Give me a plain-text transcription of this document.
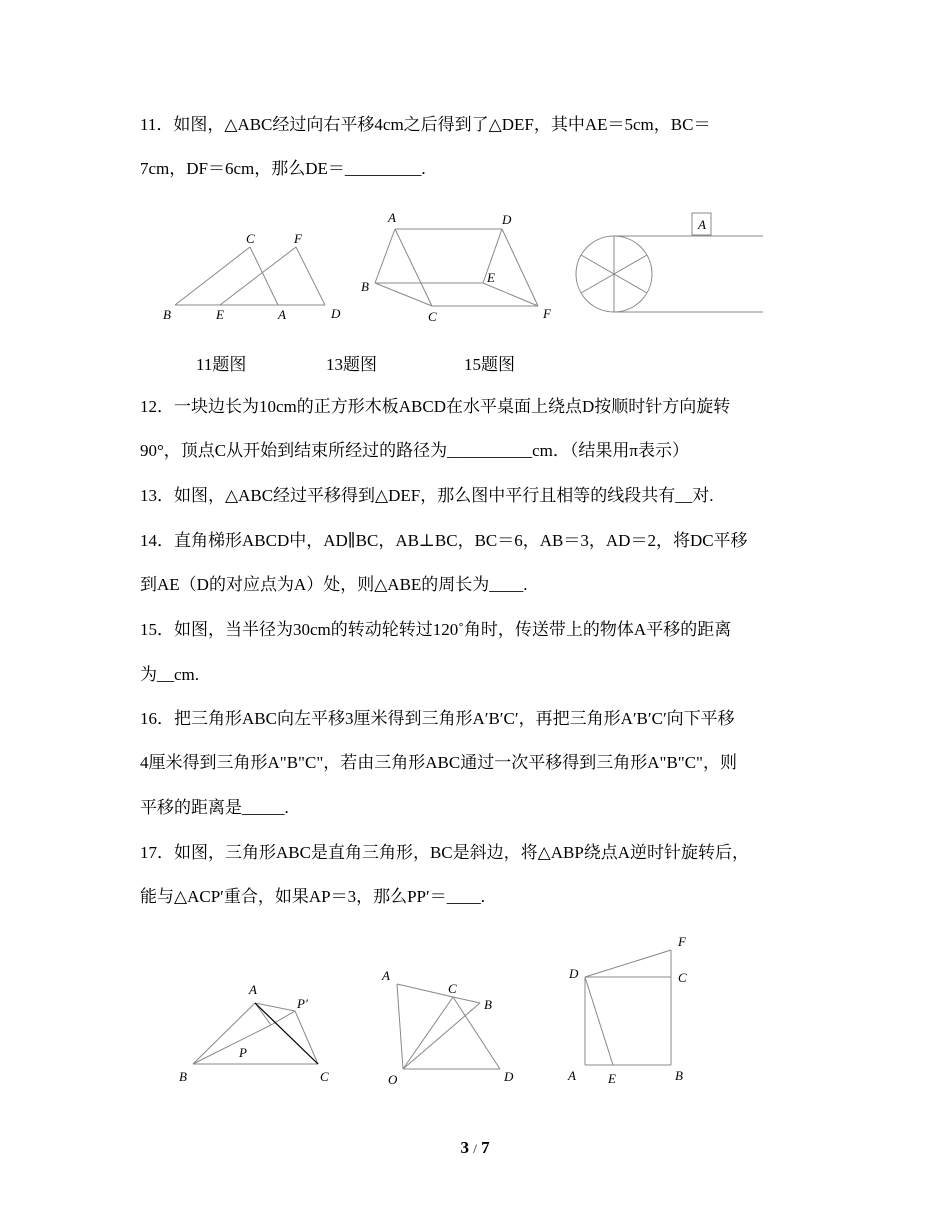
11．如图，△ABC经过向右平移4cm之后得到了△DEF，其中AE＝5cm，BC＝
7cm，DF＝6cm，那么DE＝_________.
B	E	A	D
C	F
A	D
B
E
C	F
A
11题图	13题图	15题图
12．一块边长为10cm的正方形木板ABCD在水平桌面上绕点D按顺时针方向旋转
90°，顶点C从开始到结束所经过的路径为__________cm．（结果用π表示）
13．如图，△ABC经过平移得到△DEF，那么图中平行且相等的线段共有__对.
14．直角梯形ABCD中，AD∥BC，AB⊥BC，BC＝6，AB＝3，AD＝2，将DC平移
到AE（D的对应点为A）处，则△ABE的周长为____.
15．如图，当半径为30cm的转动轮转过120˚角时，传送带上的物体A平移的距离
为__cm.
16．把三角形ABC向左平移3厘米得到三角形A′B′C′，再把三角形A′B′C′向下平移
4厘米得到三角形A"B"C"，若由三角形ABC通过一次平移得到三角形A"B"C"，则
平移的距离是_____.
17．如图，三角形ABC是直角三角形，BC是斜边，将△ABP绕点A逆时针旋转后，
能与△ACP′重合，如果AP＝3，那么PP′＝____.
A
P′
P
B	C
A
C
B
O	D
F
D	C
A E	B
3 / 7
